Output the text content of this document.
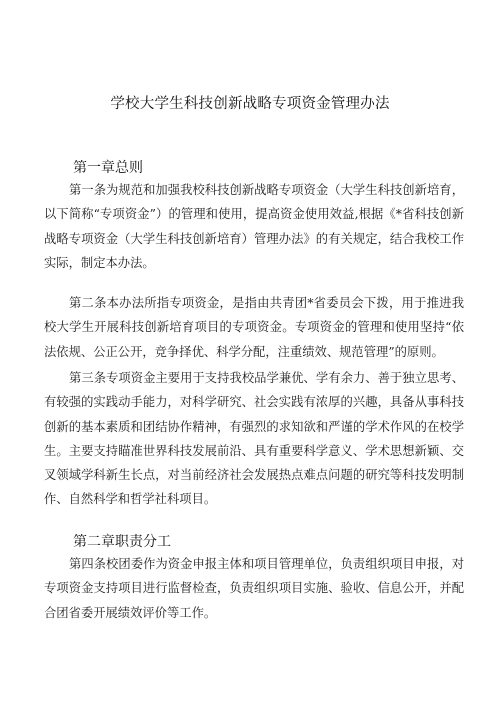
学校大学生科技创新战略专项资金管理办法
第一章总则

第一条为规范和加强我校科技创新战略专项资金（大学生科技创新培育，以下简称“专项资金”）的管理和使用，提高资金使用效益,根据《*省科技创新战略专项资金（大学生科技创新培育）管理办法》的有关规定，结合我校工作实际，制定本办法。

第二条本办法所指专项资金，是指由共青团*省委员会下拨，用于推进我校大学生开展科技创新培育项目的专项资金。专项资金的管理和使用坚持“依法依规、公正公开，竞争择优、科学分配，注重绩效、规范管理”的原则。

第三条专项资金主要用于支持我校品学兼优、学有余力、善于独立思考、有较强的实践动手能力，对科学研究、社会实践有浓厚的兴趣，具备从事科技创新的基本素质和团结协作精神，有强烈的求知欲和严谨的学术作风的在校学生。主要支持瞄准世界科技发展前沿、具有重要科学意义、学术思想新颖、交叉领域学科新生长点，对当前经济社会发展热点难点问题的研究等科技发明制作、自然科学和哲学社科项目。

第二章职责分工

第四条校团委作为资金申报主体和项目管理单位，负责组织项目申报，对专项资金支持项目进行监督检查，负责组织项目实施、验收、信息公开，并配合团省委开展绩效评价等工作。
